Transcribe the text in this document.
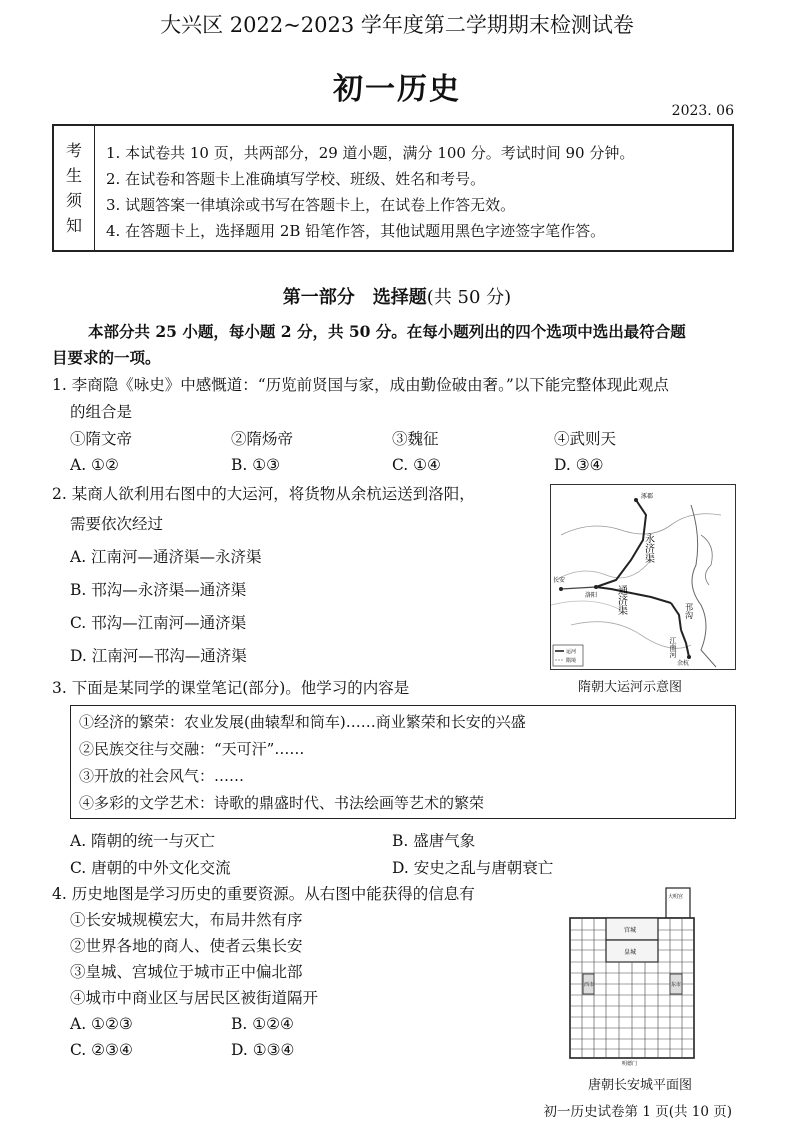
大兴区 2022~2023 学年度第二学期期末检测试卷
初一历史
2023. 06
考
生
须
知
1. 本试卷共 10 页，共两部分，29 道小题，满分 100 分。考试时间 90 分钟。
2. 在试卷和答题卡上准确填写学校、班级、姓名和考号。
3. 试题答案一律填涂或书写在答题卡上，在试卷上作答无效。
4. 在答题卡上，选择题用 2B 铅笔作答，其他试题用黑色字迹签字笔作答。
第一部分　选择题(共 50 分)
本部分共 25 小题，每小题 2 分，共 50 分。在每小题列出的四个选项中选出最符合题
目要求的一项。
1. 李商隐《咏史》中感慨道：“历览前贤国与家，成由勤俭破由奢。”以下能完整体现此观点
的组合是
①隋文帝	②隋炀帝	③魏征	④武则天
A. ①②	B. ①③	C. ①④	D. ③④
2. 某商人欲利用右图中的大运河，将货物从余杭运送到洛阳，
需要依次经过
A. 江南河—通济渠—永济渠
B. 邗沟—永济渠—通济渠
C. 邗沟—江南河—通济渠
D. 江南河—邗沟—通济渠
涿郡
永济渠
通济渠	邗沟
江南河
长安
洛阳
余杭
运河
隋境
隋朝大运河示意图
3. 下面是某同学的课堂笔记(部分)。他学习的内容是
①经济的繁荣：农业发展(曲辕犁和筒车)……商业繁荣和长安的兴盛
②民族交往与交融：“天可汗”……
③开放的社会风气：……
④多彩的文学艺术：诗歌的鼎盛时代、书法绘画等艺术的繁荣
A. 隋朝的统一与灭亡	B. 盛唐气象
C. 唐朝的中外文化交流	D. 安史之乱与唐朝衰亡
4. 历史地图是学习历史的重要资源。从右图中能获得的信息有
①长安城规模宏大，布局井然有序
②世界各地的商人、使者云集长安
③皇城、宫城位于城市正中偏北部
④城市中商业区与居民区被街道隔开
A. ①②③	B. ①②④
C. ②③④	D. ①③④
大明宫
宫城
皇城
西市	东市
明德门
唐朝长安城平面图
初一历史试卷第 1 页(共 10 页)
